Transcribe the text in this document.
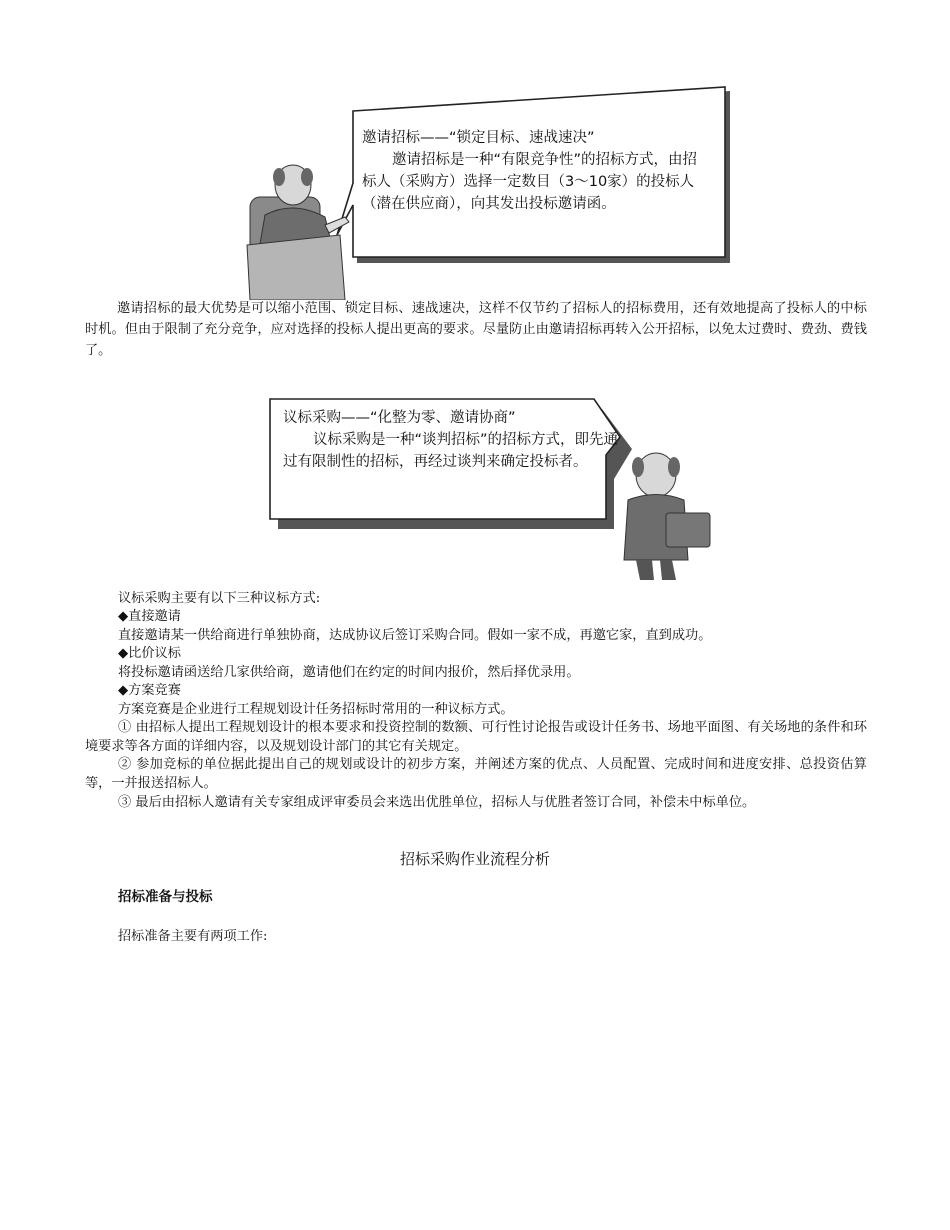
邀请招标——“锁定目标、速战速决”
邀请招标是一种“有限竞争性”的招标方式，由招标人（采购方）选择一定数目（3～10家）的投标人（潜在供应商），向其发出投标邀请函。
邀请招标的最大优势是可以缩小范围、锁定目标、速战速决，这样不仅节约了招标人的招标费用，还有效地提高了投标人的中标时机。但由于限制了充分竞争，应对选择的投标人提出更高的要求。尽量防止由邀请招标再转入公开招标，以免太过费时、费劲、费钱了。
议标采购——“化整为零、邀请协商”
议标采购是一种“谈判招标”的招标方式，即先通过有限制性的招标，再经过谈判来确定投标者。
议标采购主要有以下三种议标方式:
◆直接邀请
直接邀请某一供给商进行单独协商，达成协议后签订采购合同。假如一家不成，再邀它家，直到成功。
◆比价议标
将投标邀请函送给几家供给商，邀请他们在约定的时间内报价，然后择优录用。
◆方案竞赛
方案竞赛是企业进行工程规划设计任务招标时常用的一种议标方式。
① 由招标人提出工程规划设计的根本要求和投资控制的数额、可行性讨论报告或设计任务书、场地平面图、有关场地的条件和环境要求等各方面的详细内容，以及规划设计部门的其它有关规定。
② 参加竞标的单位据此提出自己的规划或设计的初步方案，并阐述方案的优点、人员配置、完成时间和进度安排、总投资估算等，一并报送招标人。
③ 最后由招标人邀请有关专家组成评审委员会来选出优胜单位，招标人与优胜者签订合同，补偿未中标单位。
招标采购作业流程分析
招标准备与投标
招标准备主要有两项工作:
